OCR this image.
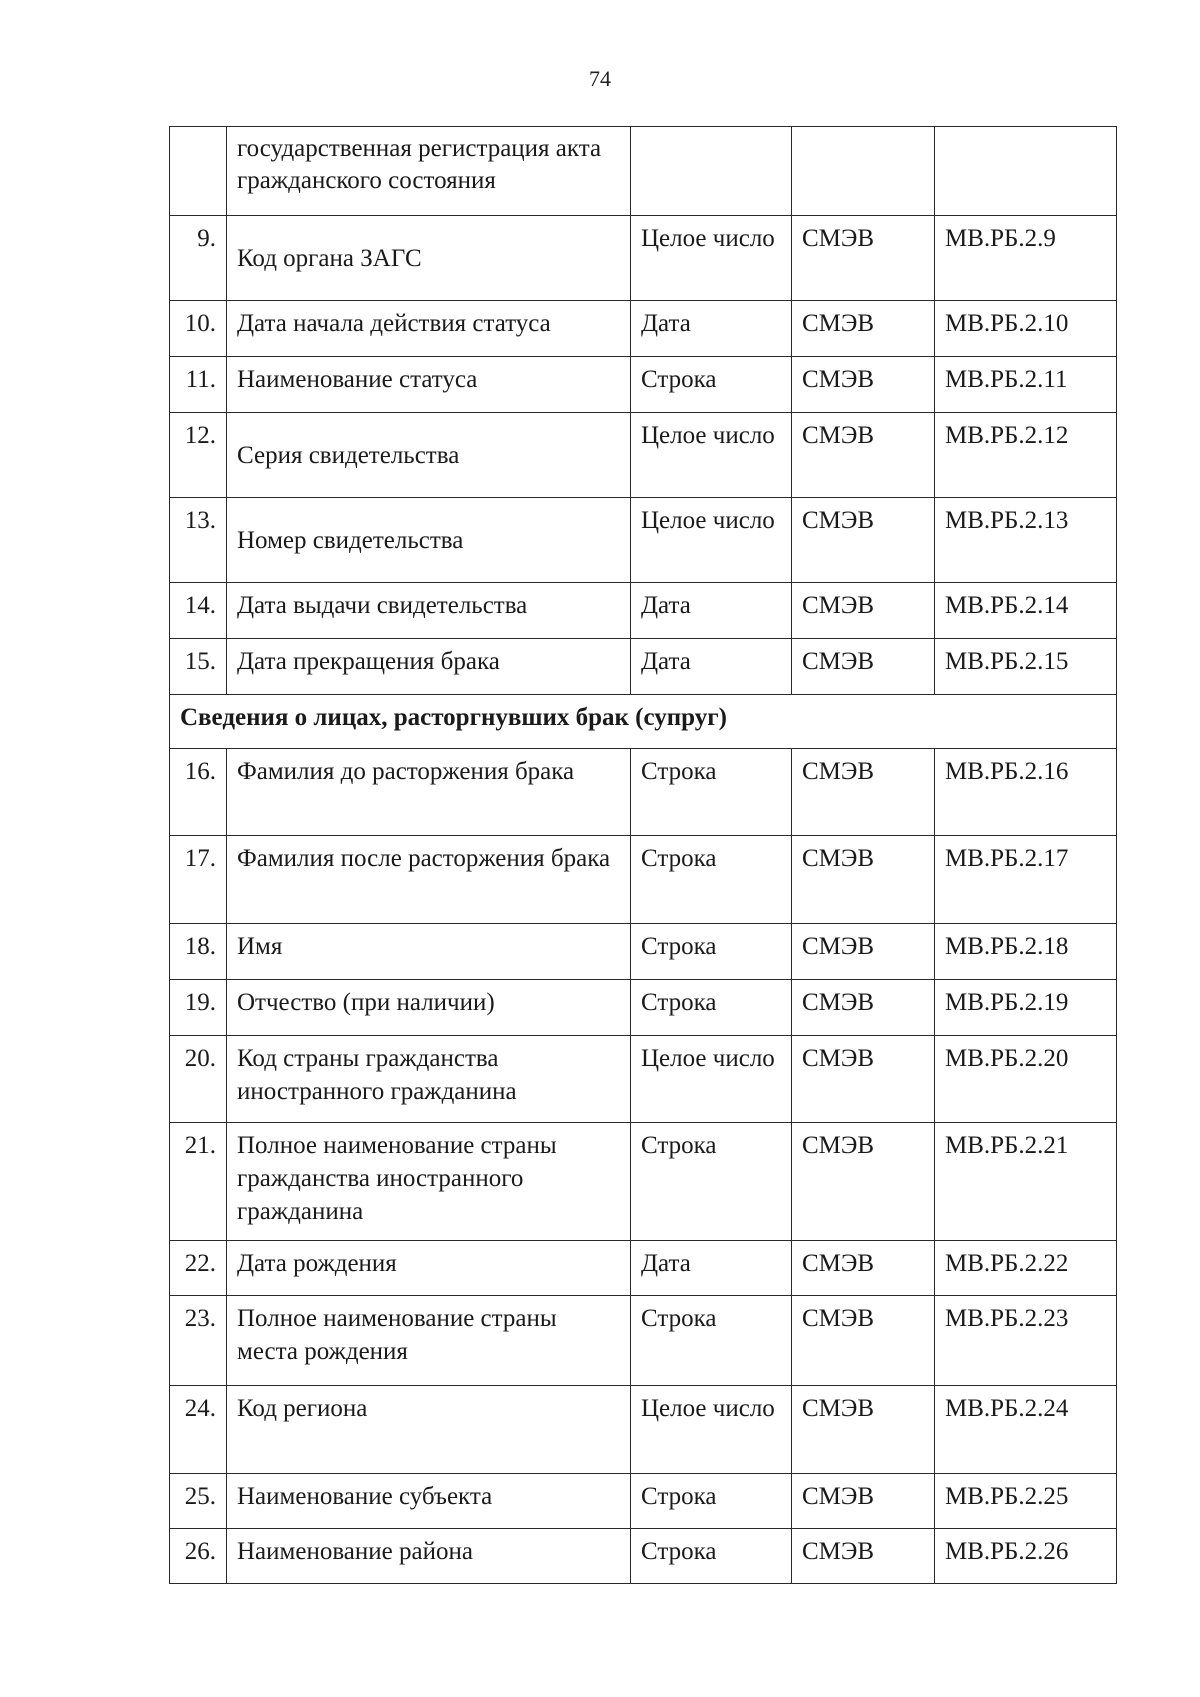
74
	государственная регистрация акта гражданского состояния			
9.	Код органа ЗАГС	Целое число	СМЭВ	МВ.РБ.2.9
10.	Дата начала действия статуса	Дата	СМЭВ	МВ.РБ.2.10
11.	Наименование статуса	Строка	СМЭВ	МВ.РБ.2.11
12.	Серия свидетельства	Целое число	СМЭВ	МВ.РБ.2.12
13.	Номер свидетельства	Целое число	СМЭВ	МВ.РБ.2.13
14.	Дата выдачи свидетельства	Дата	СМЭВ	МВ.РБ.2.14
15.	Дата прекращения брака	Дата	СМЭВ	МВ.РБ.2.15
Сведения о лицах, расторгнувших брак (супруг)				
16.	Фамилия до расторжения брака	Строка	СМЭВ	МВ.РБ.2.16
17.	Фамилия после расторжения брака	Строка	СМЭВ	МВ.РБ.2.17
18.	Имя	Строка	СМЭВ	МВ.РБ.2.18
19.	Отчество (при наличии)	Строка	СМЭВ	МВ.РБ.2.19
20.	Код страны гражданства иностранного гражданина	Целое число	СМЭВ	МВ.РБ.2.20
21.	Полное наименование страны гражданства иностранного гражданина	Строка	СМЭВ	МВ.РБ.2.21
22.	Дата рождения	Дата	СМЭВ	МВ.РБ.2.22
23.	Полное наименование страны места рождения	Строка	СМЭВ	МВ.РБ.2.23
24.	Код региона	Целое число	СМЭВ	МВ.РБ.2.24
25.	Наименование субъекта	Строка	СМЭВ	МВ.РБ.2.25
26.	Наименование района	Строка	СМЭВ	МВ.РБ.2.26
